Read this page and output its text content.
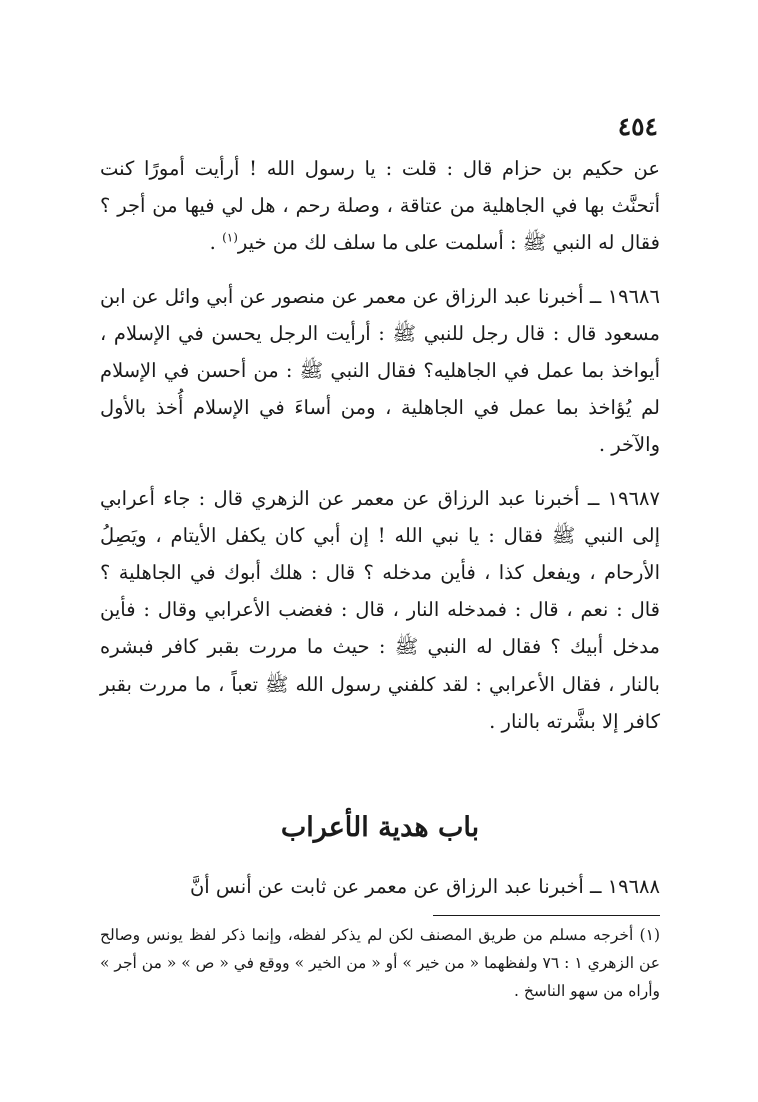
٤٥٤

عن حكيم بن حزام قال : قلت : يا رسول الله ! أرأيت أمورًا كنت أتحنَّث بها في الجاهلية من عتاقة ، وصلة رحم ، هل لي فيها من أجر ؟ فقال له النبي ﷺ : أسلمت على ما سلف لك من خير$^{(١)}$ .

١٩٦٨٦ ــ أخبرنا عبد الرزاق عن معمر عن منصور عن أبي وائل عن ابن مسعود قال : قال رجل للنبي ﷺ : أرأيت الرجل يحسن في الإسلام ، أيواخذ بما عمل في الجاهليه؟ فقال النبي ﷺ : من أحسن في الإسلام لم يُؤاخذ بما عمل في الجاهلية ، ومن أساءَ في الإسلام أُخذ بالأول والآخر .

١٩٦٨٧ ــ أخبرنا عبد الرزاق عن معمر عن الزهري قال : جاء أعرابي إلى النبي ﷺ فقال : يا نبي الله ! إن أبي كان يكفل الأيتام ، ويَصِلُ الأرحام ، ويفعل كذا ، فأين مدخله ؟ قال : هلك أبوك في الجاهلية ؟ قال : نعم ، قال : فمدخله النار ، قال : فغضب الأعرابي وقال : فأين مدخل أبيك ؟ فقال له النبي ﷺ : حيث ما مررت بقبر كافر فبشره بالنار ، فقال الأعرابي : لقد كلفني رسول الله ﷺ تعباً ، ما مررت بقبر كافر إلا بشَّرته بالنار .

باب هدية الأعراب
١٩٦٨٨ ــ أخبرنا عبد الرزاق عن معمر عن ثابت عن أنس أنَّ

(١) أخرجه مسلم من طريق المصنف لكن لم يذكر لفظه، وإنما ذكر لفظ يونس وصالح عن الزهري ١ : ٧٦ ولفظهما « من خير » أو « من الخير » ووقع في « ص » « من أجر » وأراه من سهو الناسخ .
